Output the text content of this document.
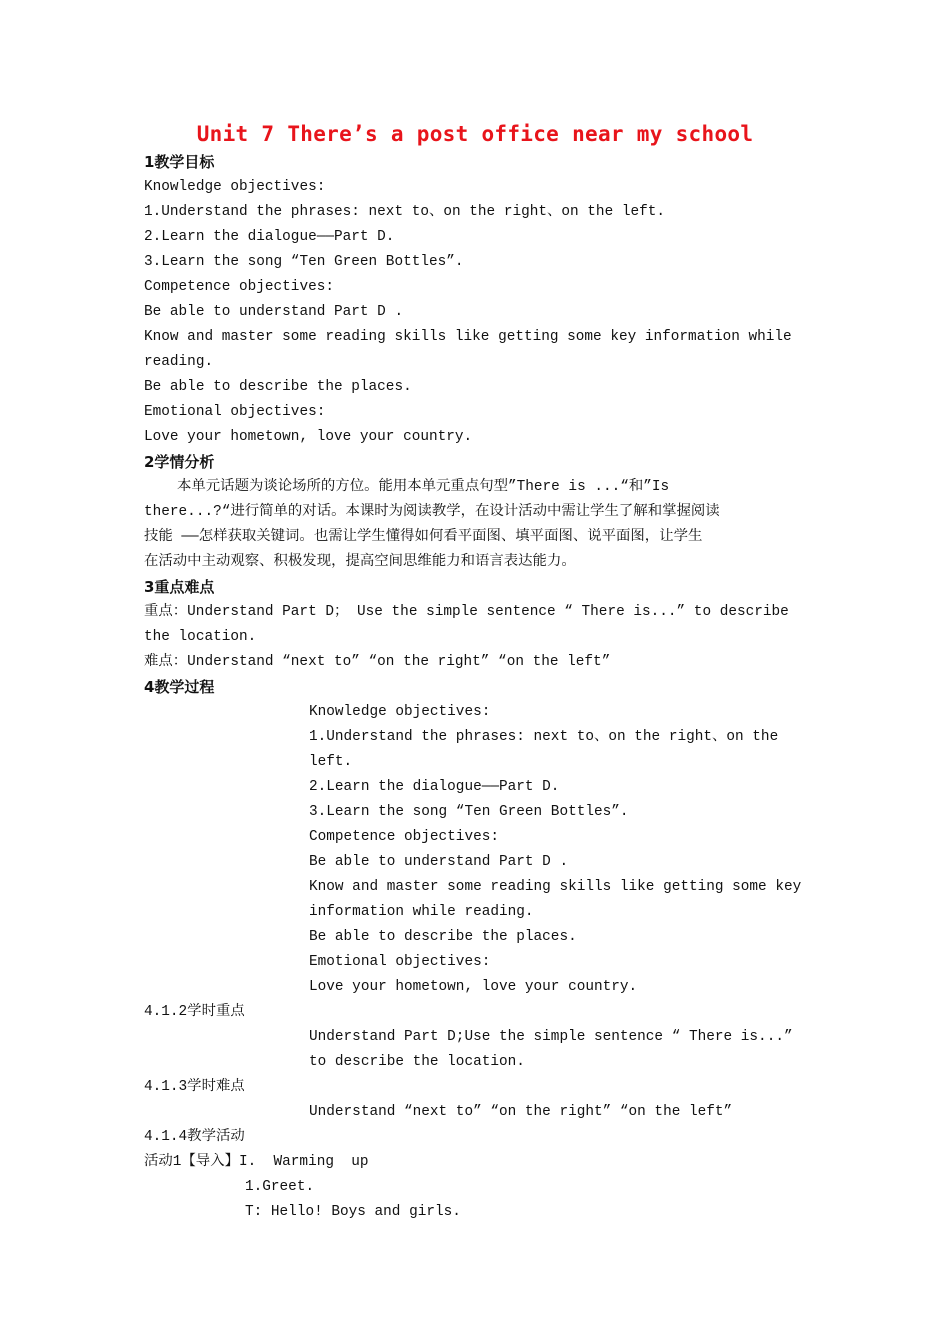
Unit 7 There’s a post office near my school
1教学目标
Knowledge objectives:
1.Understand the phrases: next to、on the right、on the left.
2.Learn the dialogue——Part D.
3.Learn the song “Ten Green Bottles”.
Competence objectives:
Be able to understand Part D .
Know and master some reading skills like getting some key information while
reading.
Be able to describe the places.
Emotional objectives:
Love your hometown, love your country.
2学情分析
本单元话题为谈论场所的方位。能用本单元重点句型”There is ...“和”Is
there...?“进行简单的对话。本课时为阅读教学，在设计活动中需让学生了解和掌握阅读
技能 ——怎样获取关键词。也需让学生懂得如何看平面图、填平面图、说平面图，让学生
在活动中主动观察、积极发现，提高空间思维能力和语言表达能力。
3重点难点
重点：Understand Part D； Use the simple sentence “ There is...” to describe
the location.
难点：Understand “next to” “on the right” “on the left”
4教学过程
Knowledge objectives:
1.Understand the phrases: next to、on the right、on the
left.
2.Learn the dialogue——Part D.
3.Learn the song “Ten Green Bottles”.
Competence objectives:
Be able to understand Part D .
Know and master some reading skills like getting some key
information while reading.
Be able to describe the places.
Emotional objectives:
Love your hometown, love your country.
4.1.2学时重点
Understand Part D;Use the simple sentence “ There is...”
to describe the location.
4.1.3学时难点
Understand “next to” “on the right” “on the left”
4.1.4教学活动
活动1【导入】I.  Warming  up
1.Greet.
T: Hello! Boys and girls.
